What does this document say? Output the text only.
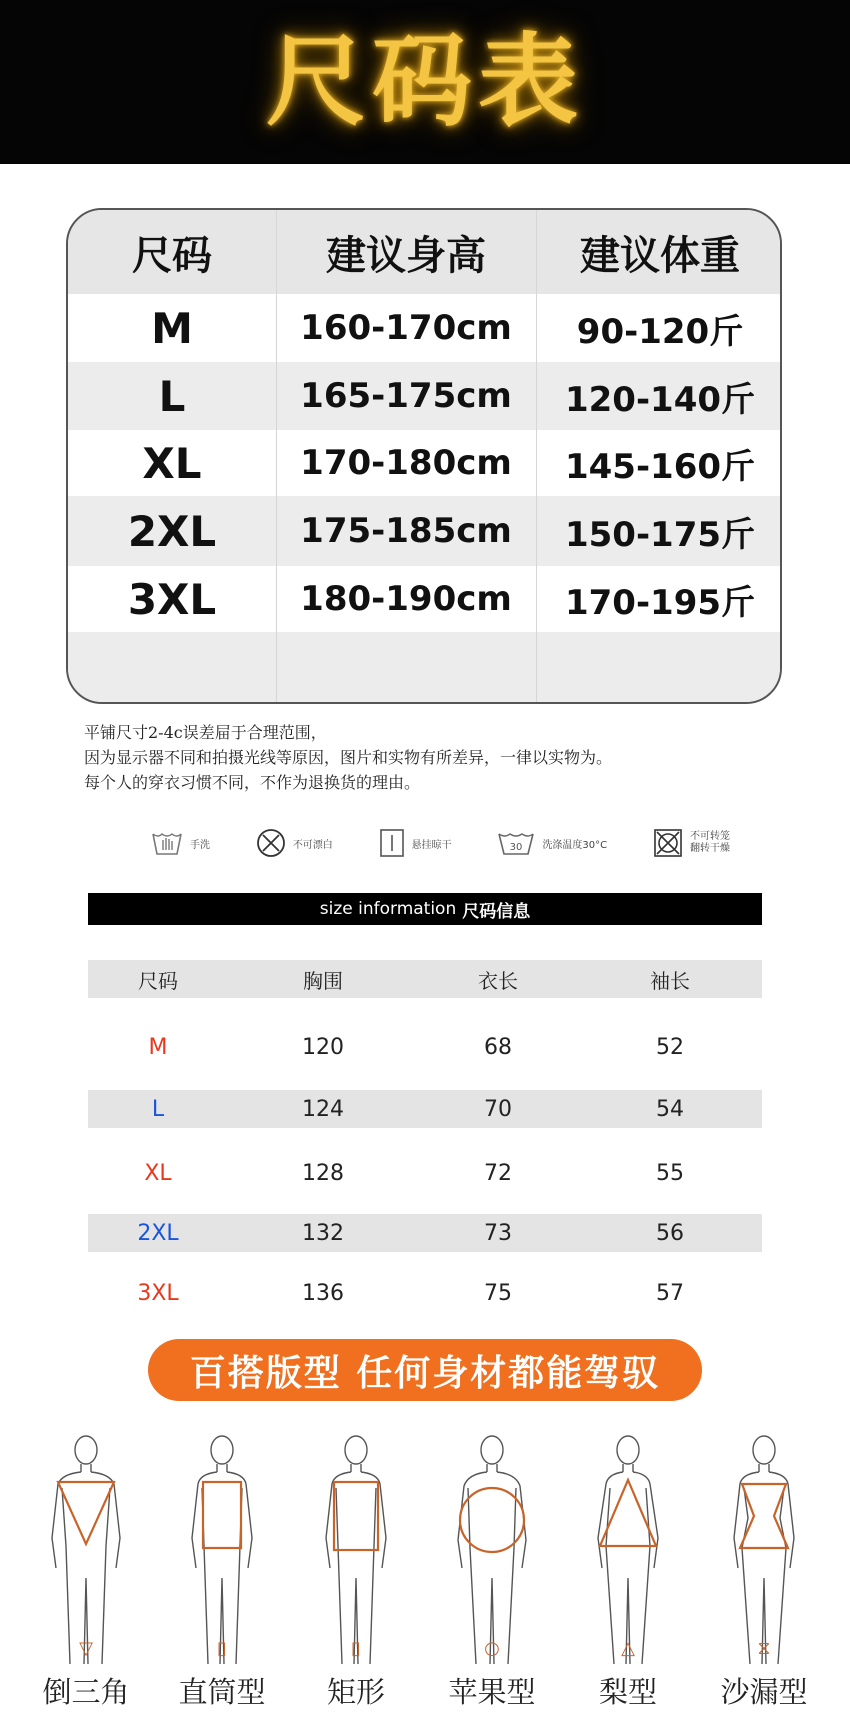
尺码表
尺码	建议身高	建议体重
M	160-170cm	90-120斤
L	165-175cm	120-140斤
XL	170-180cm	145-160斤
2XL	175-185cm	150-175斤
3XL	180-190cm	170-195斤
平铺尺寸2-4c误差屇于合理范围，
因为显示器不同和拍摄光线等原因，图片和实物有所差异，一律以实物为。
每个人的穿衣习惯不同，不作为退换货的理由。
手洗	不可漂白	悬挂晾干	30 洗涤温度30°C
不可转笼
翻转干燥
size information 尺码信息
尺码	胸围	衣长	袖长
M	120	68	52
L	124	70	54
XL	128	72	55
2XL	132	73	56
3XL	136	75	57
百搭版型 任何身材都能驾驭
▽
倒三角
▯
直筒型
▯
矩形
○
苹果型
△
梨型
⧖
沙漏型
